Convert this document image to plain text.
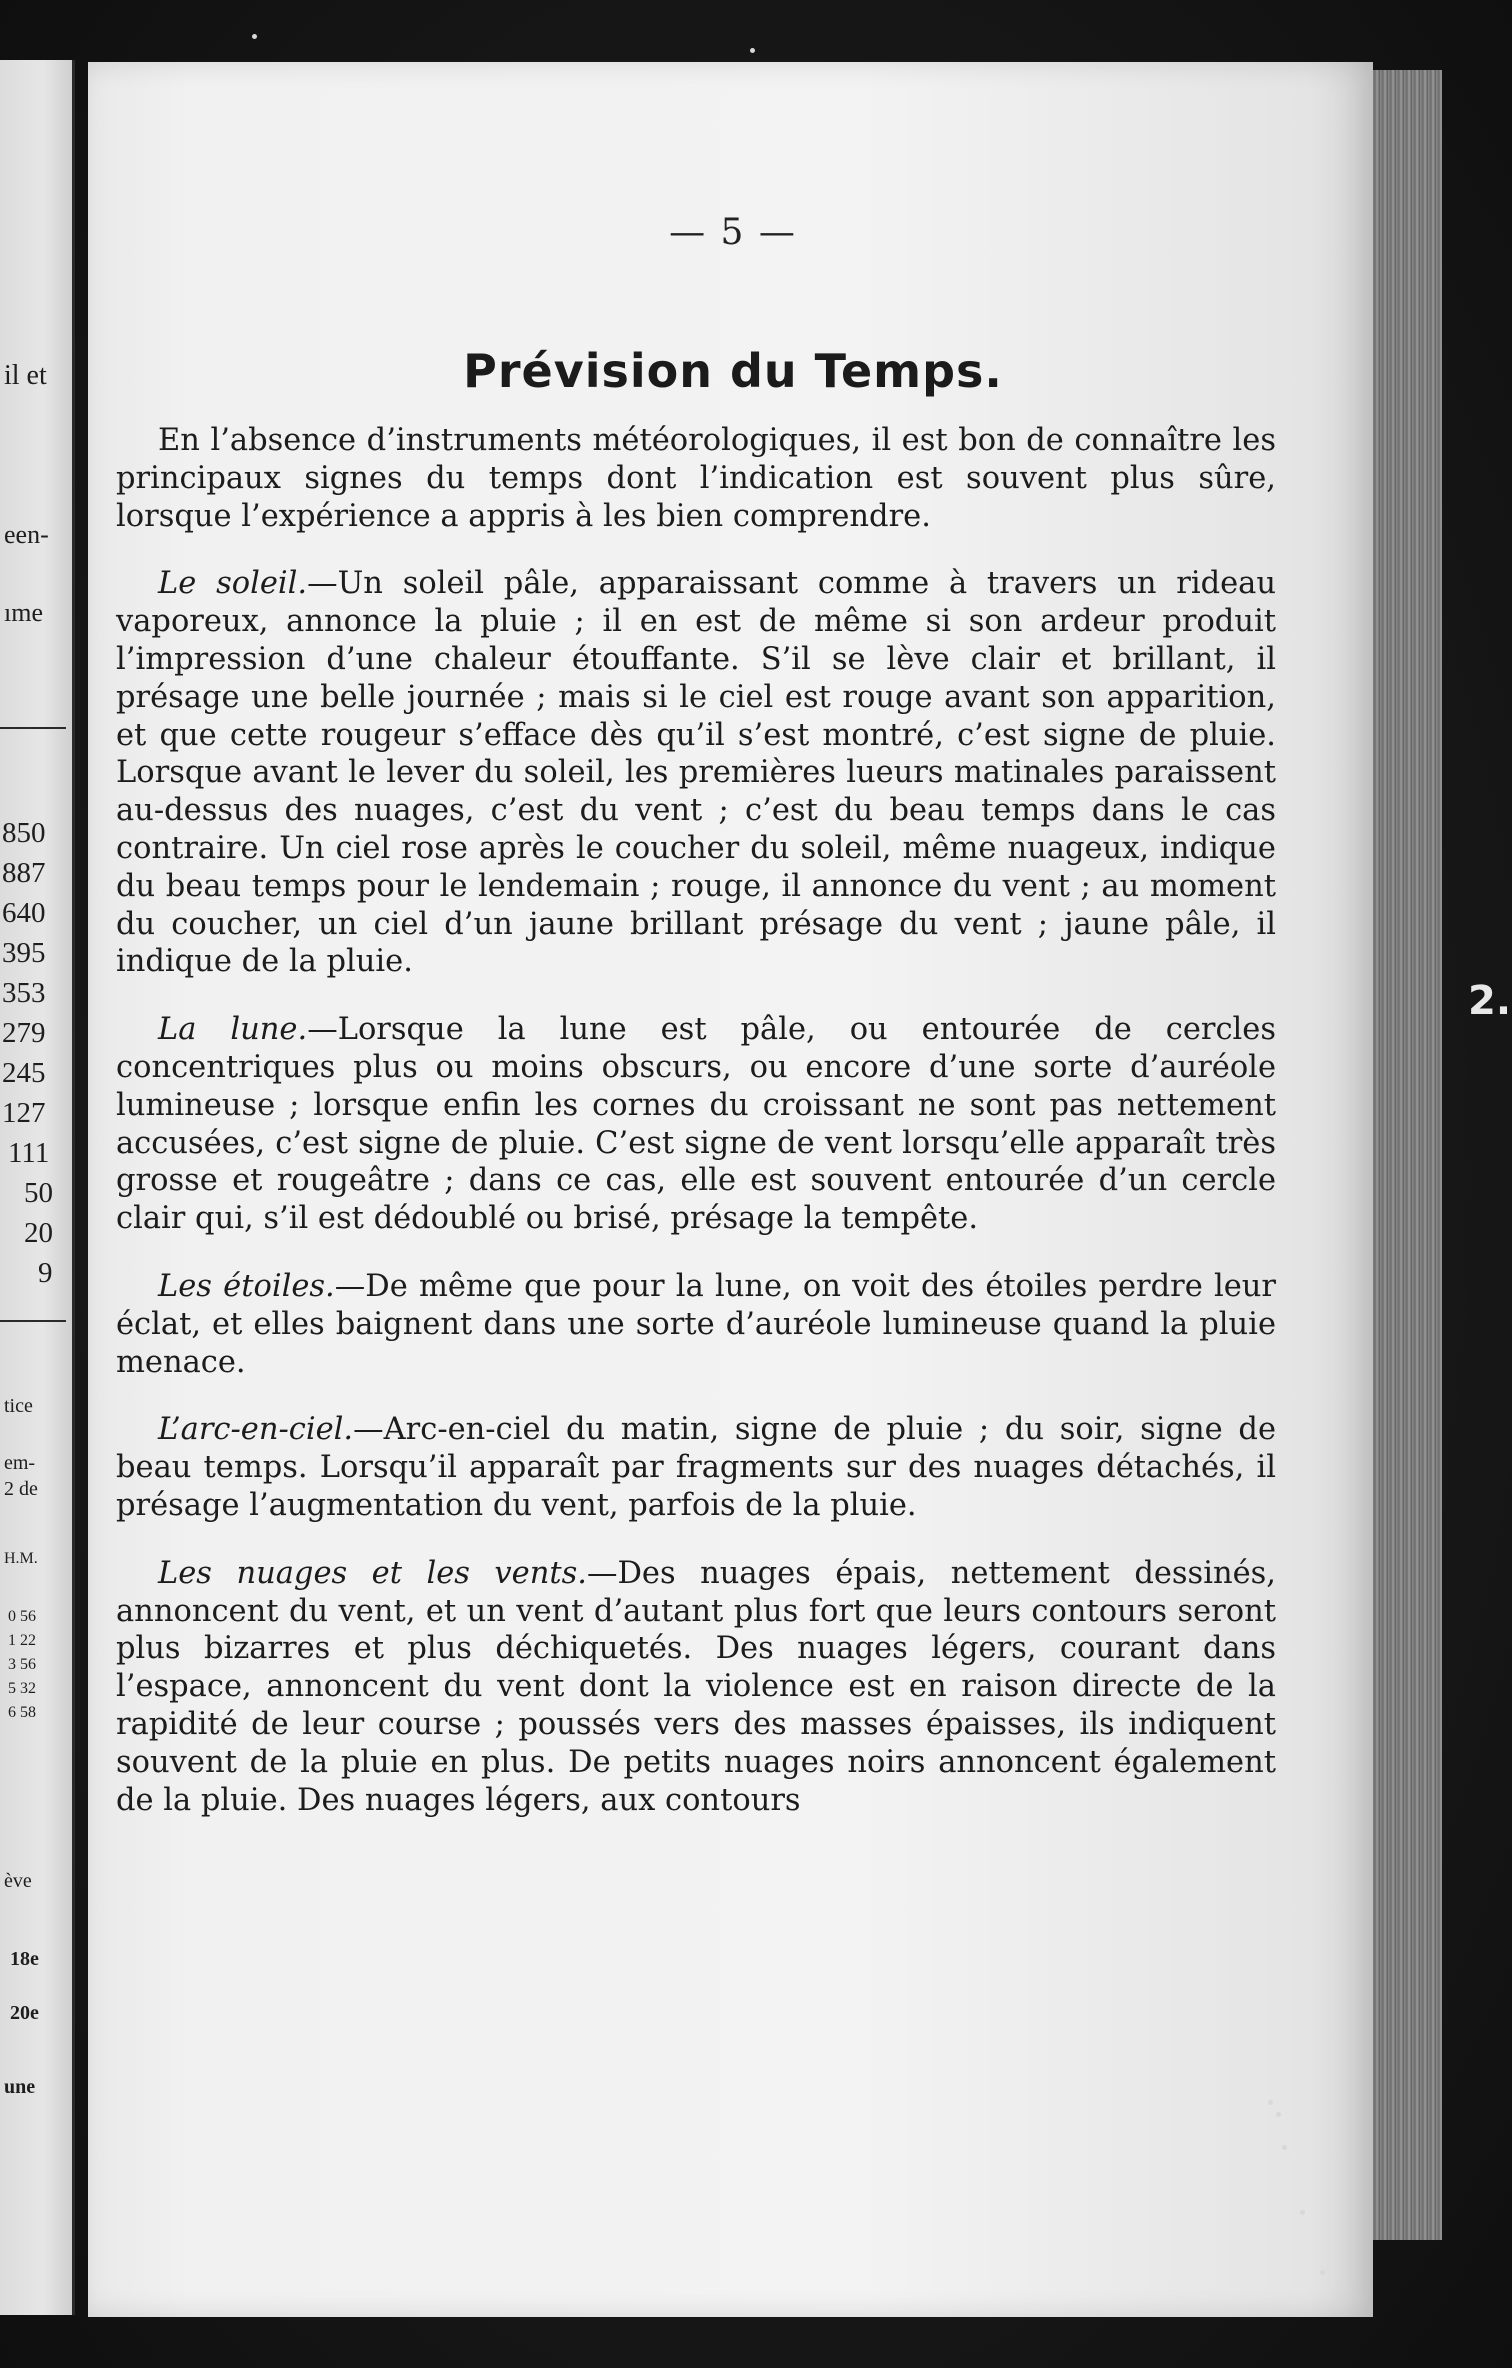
il et
een-
ıme
850
887
640
395
353
279
245
127
111
50
20
9
tice
em-
2 de
H.M.
0 56
1 22
3 56
5 32
6 58
ève
18e
20e
une
— 5 —
Prévision du Temps.

En l’absence d’instruments météorologiques, il est bon de connaître les principaux signes du temps dont l’indication est souvent plus sûre, lorsque l’expérience a appris à les bien comprendre.

Le soleil.—Un soleil pâle, apparaissant comme à travers un rideau vaporeux, annonce la pluie ; il en est de même si son ardeur produit l’impression d’une chaleur étouffante. S’il se lève clair et brillant, il présage une belle journée ; mais si le ciel est rouge avant son apparition, et que cette rougeur s’efface dès qu’il s’est montré, c’est signe de pluie. Lorsque avant le lever du soleil, les premières lueurs matinales paraissent au-dessus des nuages, c’est du vent ; c’est du beau temps dans le cas contraire. Un ciel rose après le coucher du soleil, même nuageux, indique du beau temps pour le lendemain ; rouge, il annonce du vent ; au moment du coucher, un ciel d’un jaune brillant présage du vent ; jaune pâle, il indique de la pluie.

La lune.—Lorsque la lune est pâle, ou entourée de cercles concentriques plus ou moins obscurs, ou encore d’une sorte d’auréole lumineuse ; lorsque enfin les cornes du croissant ne sont pas nettement accusées, c’est signe de pluie. C’est signe de vent lorsqu’elle apparaît très grosse et rougeâtre ; dans ce cas, elle est souvent entourée d’un cercle clair qui, s’il est dédoublé ou brisé, présage la tempête.

Les étoiles.—De même que pour la lune, on voit des étoiles perdre leur éclat, et elles baignent dans une sorte d’auréole lumineuse quand la pluie menace.

L’arc-en-ciel.—Arc-en-ciel du matin, signe de pluie ; du soir, signe de beau temps. Lorsqu’il apparaît par fragments sur des nuages détachés, il présage l’augmentation du vent, parfois de la pluie.

Les nuages et les vents.—Des nuages épais, nettement dessinés, annoncent du vent, et un vent d’autant plus fort que leurs contours seront plus bizarres et plus déchiquetés. Des nuages légers, courant dans l’espace, annoncent du vent dont la violence est en raison directe de la rapidité de leur course ; poussés vers des masses épaisses, ils indiquent souvent de la pluie en plus. De petits nuages noirs annoncent également de la pluie. Des nuages légers, aux contours

2.
